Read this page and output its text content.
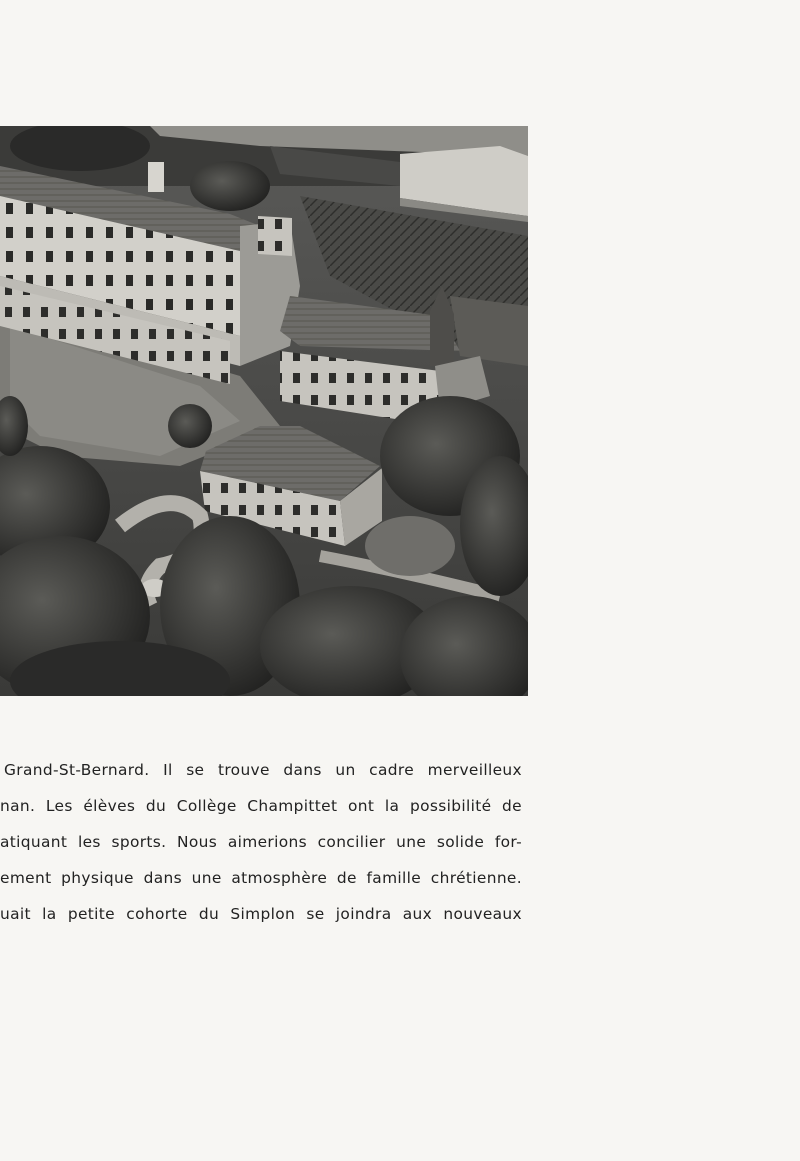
Grand-St-Bernard. Il se trouve dans un cadre merveilleux
nan. Les élèves du Collège Champittet ont la possibilité de
atiquant les sports. Nous aimerions concilier une solide for-
ement physique dans une atmosphère de famille chrétienne.
uait la petite cohorte du Simplon se joindra aux nouveaux
